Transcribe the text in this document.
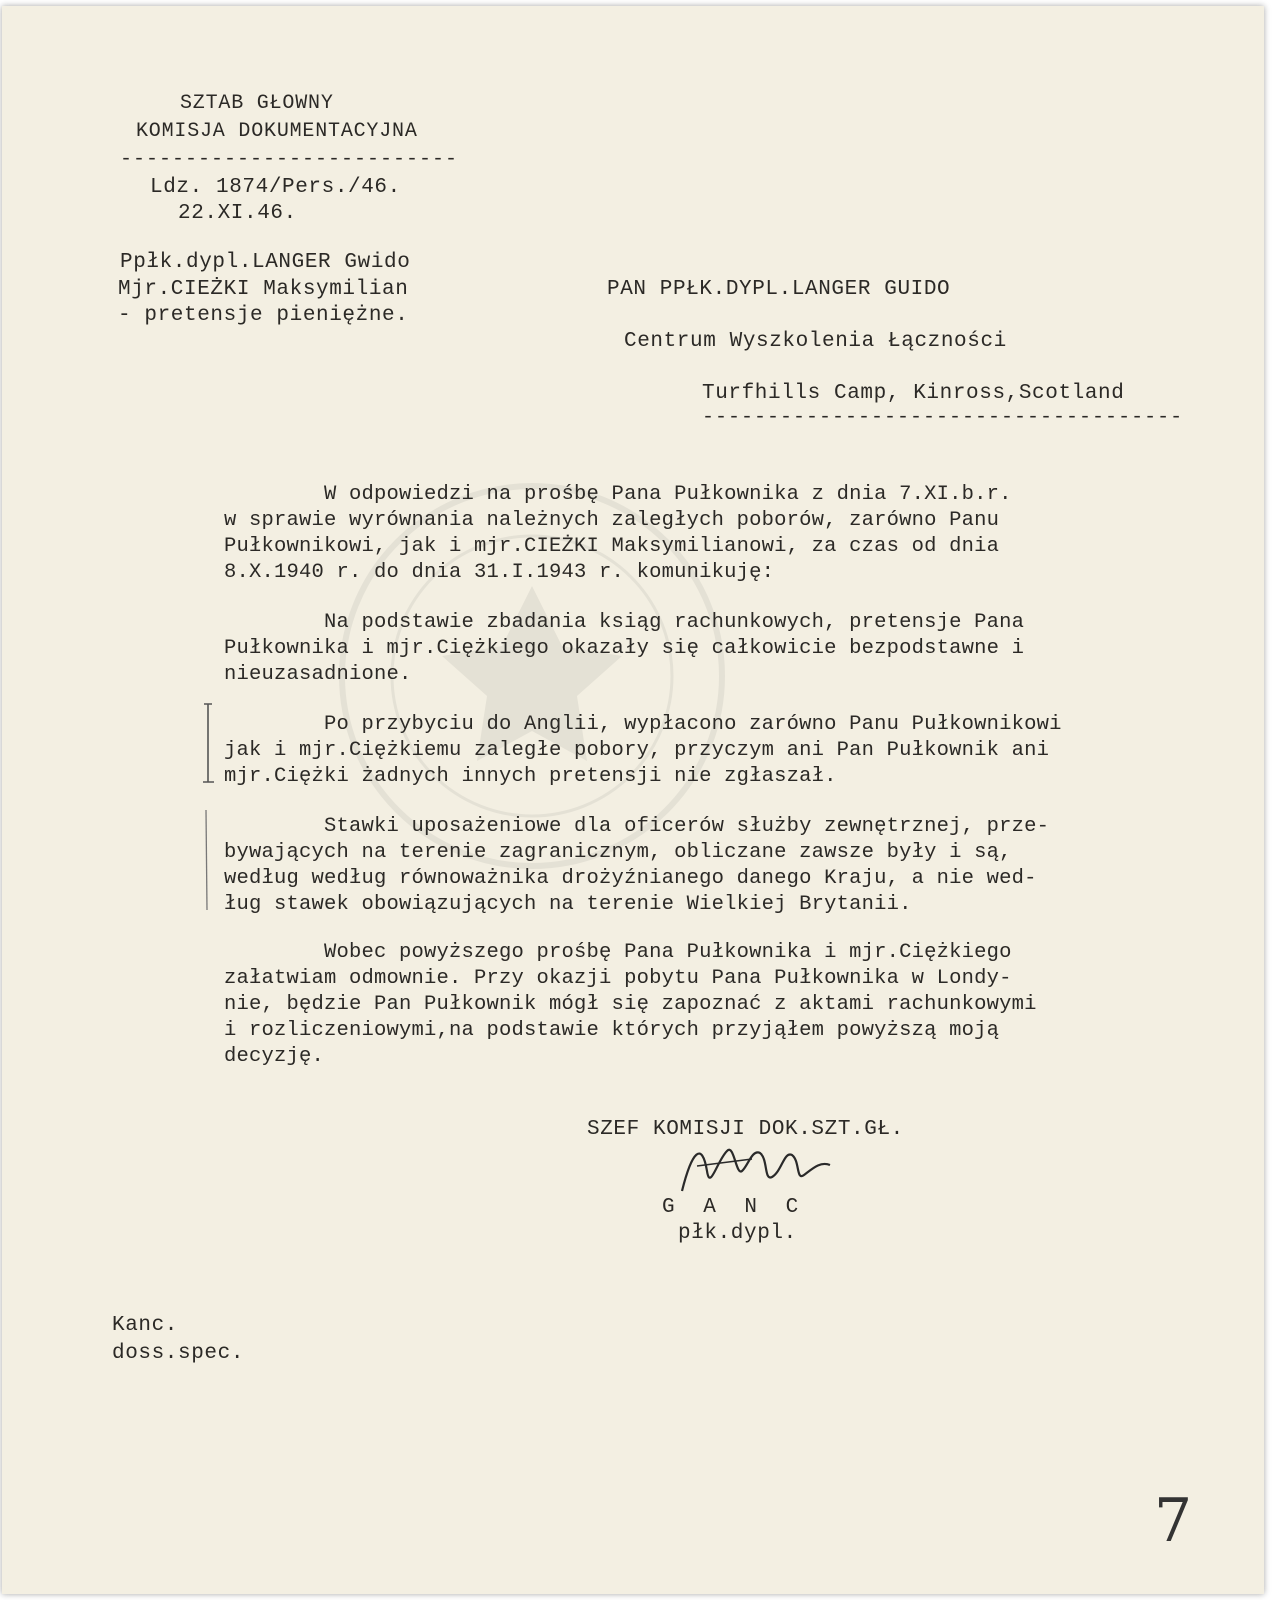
SZTAB GŁOWNY
KOMISJA DOKUMENTACYJNA
--------------------------
Ldz. 1874/Pers./46.
22.XI.46.
Ppłk.dypl.LANGER Gwido
Mjr.CIEŻKI Maksymilian
- pretensje pieniężne.
PAN PPŁK.DYPL.LANGER GUIDO
Centrum Wyszkolenia Łączności
Turfhills Camp, Kinross,Scotland
-------------------------------------
W odpowiedzi na prośbę Pana Pułkownika z dnia 7.XI.b.r.
w sprawie wyrównania należnych zaległych poborów, zarówno Panu
Pułkownikowi, jak i mjr.CIEŻKI Maksymilianowi, za czas od dnia
8.X.1940 r. do dnia 31.I.1943 r. komunikuję:
Na podstawie zbadania ksiąg rachunkowych, pretensje Pana
Pułkownika i mjr.Ciężkiego okazały się całkowicie bezpodstawne i
nieuzasadnione.
Po przybyciu do Anglii, wypłacono zarówno Panu Pułkownikowi
jak i mjr.Ciężkiemu zaległe pobory, przyczym ani Pan Pułkownik ani
mjr.Ciężki żadnych innych pretensji nie zgłaszał.
Stawki uposażeniowe dla oficerów służby zewnętrznej, prze-
bywających na terenie zagranicznym, obliczane zawsze były i są,
według według równoważnika drożyźnianego danego Kraju, a nie wed-
ług stawek obowiązujących na terenie Wielkiej Brytanii.
Wobec powyższego prośbę Pana Pułkownika i mjr.Ciężkiego
załatwiam odmownie. Przy okazji pobytu Pana Pułkownika w Londy-
nie, będzie Pan Pułkownik mógł się zapoznać z aktami rachunkowymi
i rozliczeniowymi,na podstawie których przyjąłem powyższą moją
decyzję.
SZEF KOMISJI DOK.SZT.GŁ.
G A N C
płk.dypl.
Kanc.
doss.spec.
7
